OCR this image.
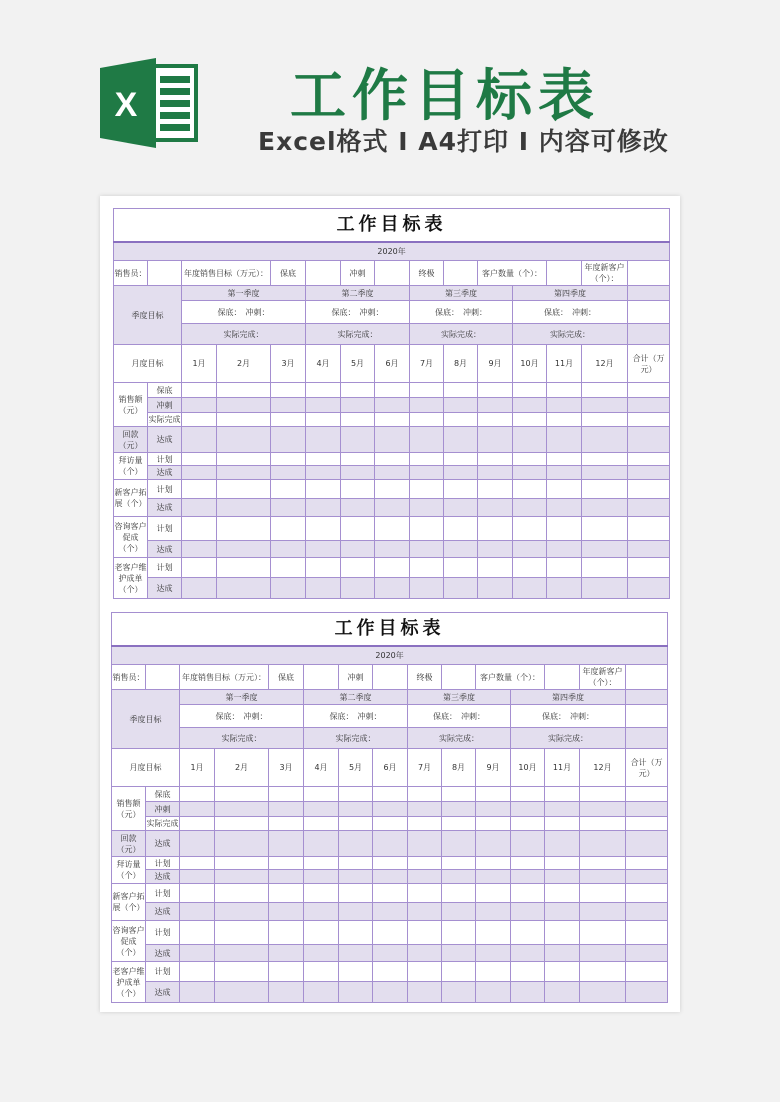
X	工作目标表
Excel格式 I A4打印 I 内容可修改
工作目标表														
2020年														
销售员：		年度销售目标（万元）：		保底		冲刺		终极		客户数量（个）：			年度新客户（个）：	
季度目标		第一季度			第二季度			第三季度			第四季度			
		保底：　冲刺：			保底：　冲刺：			保底：　冲刺：			保底：　冲刺：			
		实际完成：			实际完成：			实际完成：			实际完成：			
月度目标		1月	2月	3月	4月	5月	6月	7月	8月	9月	10月	11月	12月	合计（万元）
销售额（元）	保底													
	冲刺													
	实际完成													
回款（元）	达成													
拜访量（个）	计划													
	达成													
新客户拓展（个）	计划													
	达成													
咨询客户促成（个）	计划													
	达成													
老客户维护成单（个）	计划													
	达成													
工作目标表														
2020年														
销售员：		年度销售目标（万元）：		保底		冲刺		终极		客户数量（个）：			年度新客户（个）：	
季度目标		第一季度			第二季度			第三季度			第四季度			
		保底：　冲刺：			保底：　冲刺：			保底：　冲刺：			保底：　冲刺：			
		实际完成：			实际完成：			实际完成：			实际完成：			
月度目标		1月	2月	3月	4月	5月	6月	7月	8月	9月	10月	11月	12月	合计（万元）
销售额（元）	保底													
	冲刺													
	实际完成													
回款（元）	达成													
拜访量（个）	计划													
	达成													
新客户拓展（个）	计划													
	达成													
咨询客户促成（个）	计划													
	达成													
老客户维护成单（个）	计划													
	达成													
